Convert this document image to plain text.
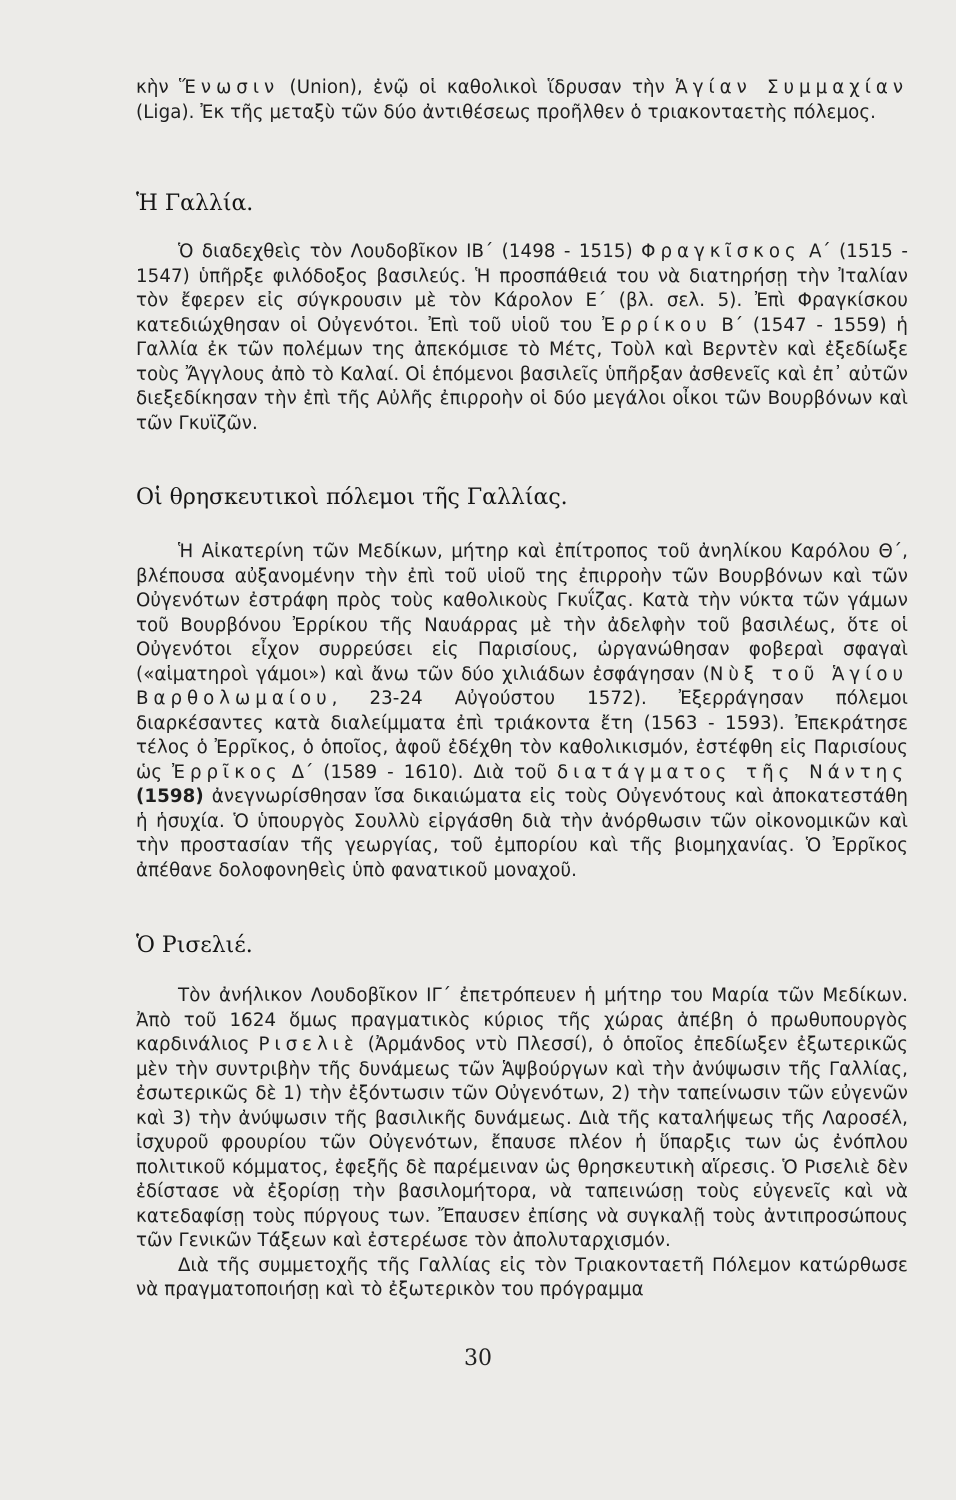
κὴν Ἕνωσιν (Union), ἐνῷ οἱ καθολικοὶ ἵδρυσαν τὴν Ἁγίαν Συμμαχίαν (Liga). Ἐκ τῆς μεταξὺ τῶν δύο ἀντιθέσεως προῆλθεν ὁ τριακονταετὴς πόλεμος.

Ἡ Γαλλία.

Ὁ διαδεχθεὶς τὸν Λουδοβῖκον ΙΒ΄ (1498 - 1515) Φραγκῖσκος Α΄ (1515 - 1547) ὑπῆρξε φιλόδοξος βασιλεύς. Ἡ προσπάθειά του νὰ διατηρήσῃ τὴν Ἰταλίαν τὸν ἔφερεν εἰς σύγκρουσιν μὲ τὸν Κάρολον Ε΄ (βλ. σελ. 5). Ἐπὶ Φραγκίσκου κατεδιώχθησαν οἱ Οὐγενότοι. Ἐπὶ τοῦ υἱοῦ του Ἐρρίκου Β΄ (1547 - 1559) ἡ Γαλλία ἐκ τῶν πολέμων της ἀπεκόμισε τὸ Μέτς, Τοὺλ καὶ Βερντὲν καὶ ἐξεδίωξε τοὺς Ἄγγλους ἀπὸ τὸ Καλαί. Οἱ ἑπόμενοι βασιλεῖς ὑπῆρξαν ἀσθενεῖς καὶ ἐπ᾽ αὐτῶν διεξεδίκησαν τὴν ἐπὶ τῆς Αὐλῆς ἐπιρροὴν οἱ δύο μεγάλοι οἶκοι τῶν Βουρβόνων καὶ τῶν Γκυϊζῶν.

Οἱ θρησκευτικοὶ πόλεμοι τῆς Γαλλίας.

Ἡ Αἰκατερίνη τῶν Μεδίκων, μήτηρ καὶ ἐπίτροπος τοῦ ἀνηλίκου Καρόλου Θ΄, βλέπουσα αὐξανομένην τὴν ἐπὶ τοῦ υἱοῦ της ἐπιρροὴν τῶν Βουρβόνων καὶ τῶν Οὐγενότων ἐστράφη πρὸς τοὺς καθολικοὺς Γκυΐζας. Κατὰ τὴν νύκτα τῶν γάμων τοῦ Βουρβόνου Ἐρρίκου τῆς Ναυάρρας μὲ τὴν ἀδελφὴν τοῦ βασιλέως, ὅτε οἱ Οὐγενότοι εἶχον συρρεύσει εἰς Παρισίους, ὠργανώθησαν φοβεραὶ σφαγαὶ («αἱματηροὶ γάμοι») καὶ ἄνω τῶν δύο χιλιάδων ἐσφάγησαν (Νὺξ τοῦ Ἁγίου Βαρθολωμαίου, 23-24 Αὐγούστου 1572). Ἐξερράγησαν πόλεμοι διαρκέσαντες κατὰ διαλείμματα ἐπὶ τριάκοντα ἔτη (1563 - 1593). Ἐπεκράτησε τέλος ὁ Ἐρρῖκος, ὁ ὁποῖος, ἀφοῦ ἐδέχθη τὸν καθολικισμόν, ἐστέφθη εἰς Παρισίους ὡς Ἐρρῖκος Δ΄ (1589 - 1610). Διὰ τοῦ διατάγματος τῆς Νάντης (1598) ἀνεγνωρίσθησαν ἴσα δικαιώματα εἰς τοὺς Οὐγενότους καὶ ἀποκατεστάθη ἡ ἡσυχία. Ὁ ὑπουργὸς Σουλλὺ εἰργάσθη διὰ τὴν ἀνόρθωσιν τῶν οἰκονομικῶν καὶ τὴν προστασίαν τῆς γεωργίας, τοῦ ἐμπορίου καὶ τῆς βιομηχανίας. Ὁ Ἐρρῖκος ἀπέθανε δολοφονηθεὶς ὑπὸ φανατικοῦ μοναχοῦ.

Ὁ Ρισελιέ.

Τὸν ἀνήλικον Λουδοβῖκον ΙΓ΄ ἐπετρόπευεν ἡ μήτηρ του Μαρία τῶν Μεδίκων. Ἀπὸ τοῦ 1624 ὅμως πραγματικὸς κύριος τῆς χώρας ἀπέβη ὁ πρωθυπουργὸς καρδινάλιος Ρισελιὲ (Ἀρμάνδος ντὺ Πλεσσί), ὁ ὁποῖος ἐπεδίωξεν ἐξωτερικῶς μὲν τὴν συντριβὴν τῆς δυνάμεως τῶν Ἁψβούργων καὶ τὴν ἀνύψωσιν τῆς Γαλλίας, ἐσωτερικῶς δὲ 1) τὴν ἐξόντωσιν τῶν Οὐγενότων, 2) τὴν ταπείνωσιν τῶν εὐγενῶν καὶ 3) τὴν ἀνύψωσιν τῆς βασιλικῆς δυνάμεως. Διὰ τῆς καταλήψεως τῆς Λαροσέλ, ἰσχυροῦ φρουρίου τῶν Οὐγενότων, ἔπαυσε πλέον ἡ ὕπαρξις των ὡς ἐνόπλου πολιτικοῦ κόμματος, ἐφεξῆς δὲ παρέμειναν ὡς θρησκευτικὴ αἵρεσις. Ὁ Ρισελιὲ δὲν ἐδίστασε νὰ ἐξορίσῃ τὴν βασιλομήτορα, νὰ ταπεινώσῃ τοὺς εὐγενεῖς καὶ νὰ κατεδαφίσῃ τοὺς πύργους των. Ἔπαυσεν ἐπίσης νὰ συγκαλῇ τοὺς ἀντιπροσώπους τῶν Γενικῶν Τάξεων καὶ ἐστερέωσε τὸν ἀπολυταρχισμόν.

Διὰ τῆς συμμετοχῆς τῆς Γαλλίας εἰς τὸν Τριακονταετῆ Πόλεμον κατώρθωσε νὰ πραγματοποιήσῃ καὶ τὸ ἐξωτερικὸν του πρόγραμμα

30
